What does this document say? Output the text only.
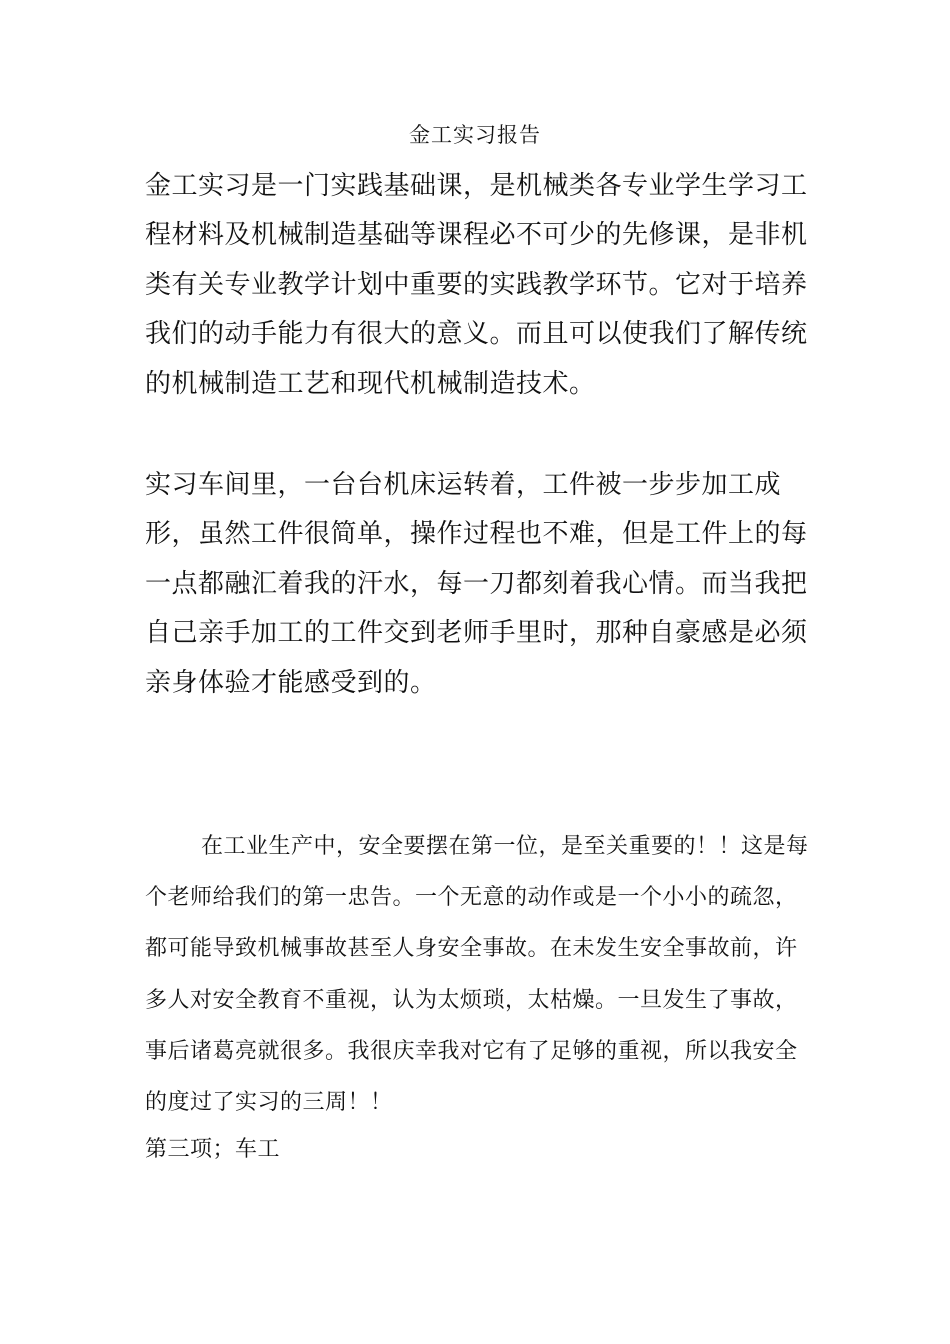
金工实习报告

金工实习是一门实践基础课，是机械类各专业学生学习工程材料及机械制造基础等课程必不可少的先修课，是非机类有关专业教学计划中重要的实践教学环节。它对于培养我们的动手能力有很大的意义。而且可以使我们了解传统的机械制造工艺和现代机械制造技术。

实习车间里，一台台机床运转着，工件被一步步加工成形，虽然工件很简单，操作过程也不难，但是工件上的每一点都融汇着我的汗水，每一刀都刻着我心情。而当我把自己亲手加工的工件交到老师手里时，那种自豪感是必须亲身体验才能感受到的。

在工业生产中，安全要摆在第一位，是至关重要的！！这是每个老师给我们的第一忠告。一个无意的动作或是一个小小的疏忽，都可能导致机械事故甚至人身安全事故。在未发生安全事故前，许多人对安全教育不重视，认为太烦琐，太枯燥。一旦发生了事故，事后诸葛亮就很多。我很庆幸我对它有了足够的重视，所以我安全的度过了实习的三周！！

第三项；车工
